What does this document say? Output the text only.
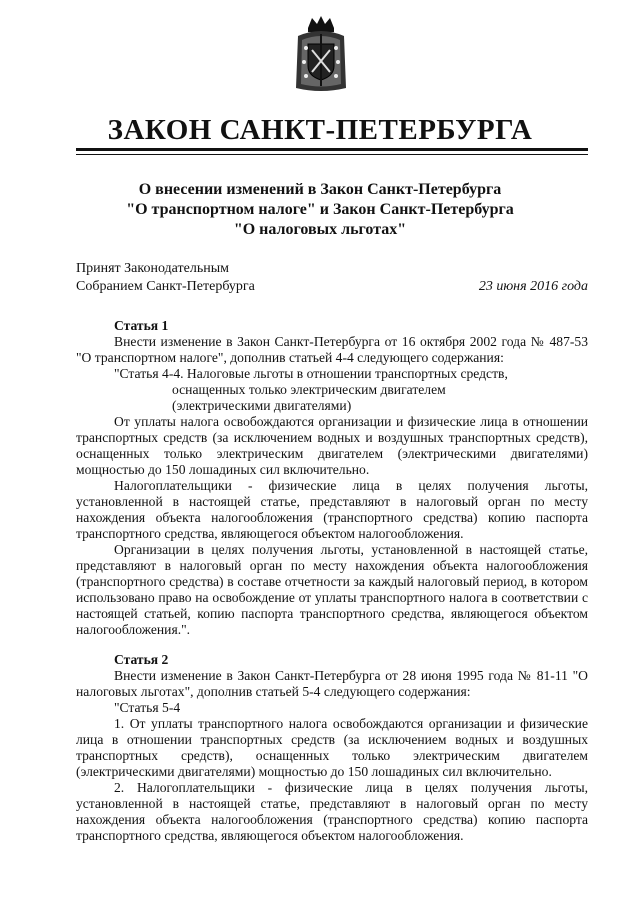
ЗАКОН САНКТ-ПЕТЕРБУРГА
О внесении изменений в Закон Санкт-Петербурга
"О транспортном налоге" и Закон Санкт-Петербурга
"О налоговых льготах"
Принят Законодательным
Собранием Санкт-Петербурга	23 июня 2016 года

Статья 1

Внести изменение в Закон Санкт-Петербурга от 16 октября 2002 года № 487-53 "О транспортном налоге", дополнив статьей 4-4 следующего содержания:

"Статья 4-4. Налоговые льготы в отношении транспортных средств,

оснащенных только электрическим двигателем

(электрическими двигателями)

От уплаты налога освобождаются организации и физические лица в отношении транспортных средств (за исключением водных и воздушных транспортных средств), оснащенных только электрическим двигателем (электрическими двигателями) мощностью до 150 лошадиных сил включительно.

Налогоплательщики - физические лица в целях получения льготы, установленной в настоящей статье, представляют в налоговый орган по месту нахождения объекта налогообложения (транспортного средства) копию паспорта транспортного средства, являющегося объектом налогообложения.

Организации в целях получения льготы, установленной в настоящей статье, представляют в налоговый орган по месту нахождения объекта налогообложения (транспортного средства) в составе отчетности за каждый налоговый период, в котором использовано право на освобождение от уплаты транспортного налога в соответствии с настоящей статьей, копию паспорта транспортного средства, являющегося объектом налогообложения.".

Статья 2

Внести изменение в Закон Санкт-Петербурга от 28 июня 1995 года № 81-11 "О налоговых льготах", дополнив статьей 5-4 следующего содержания:

"Статья 5-4

1. От уплаты транспортного налога освобождаются организации и физические лица в отношении транспортных средств (за исключением водных и воздушных транспортных средств), оснащенных только электрическим двигателем (электрическими двигателями) мощностью до 150 лошадиных сил включительно.

2. Налогоплательщики - физические лица в целях получения льготы, установленной в настоящей статье, представляют в налоговый орган по месту нахождения объекта налогообложения (транспортного средства) копию паспорта транспортного средства, являющегося объектом налогообложения.
